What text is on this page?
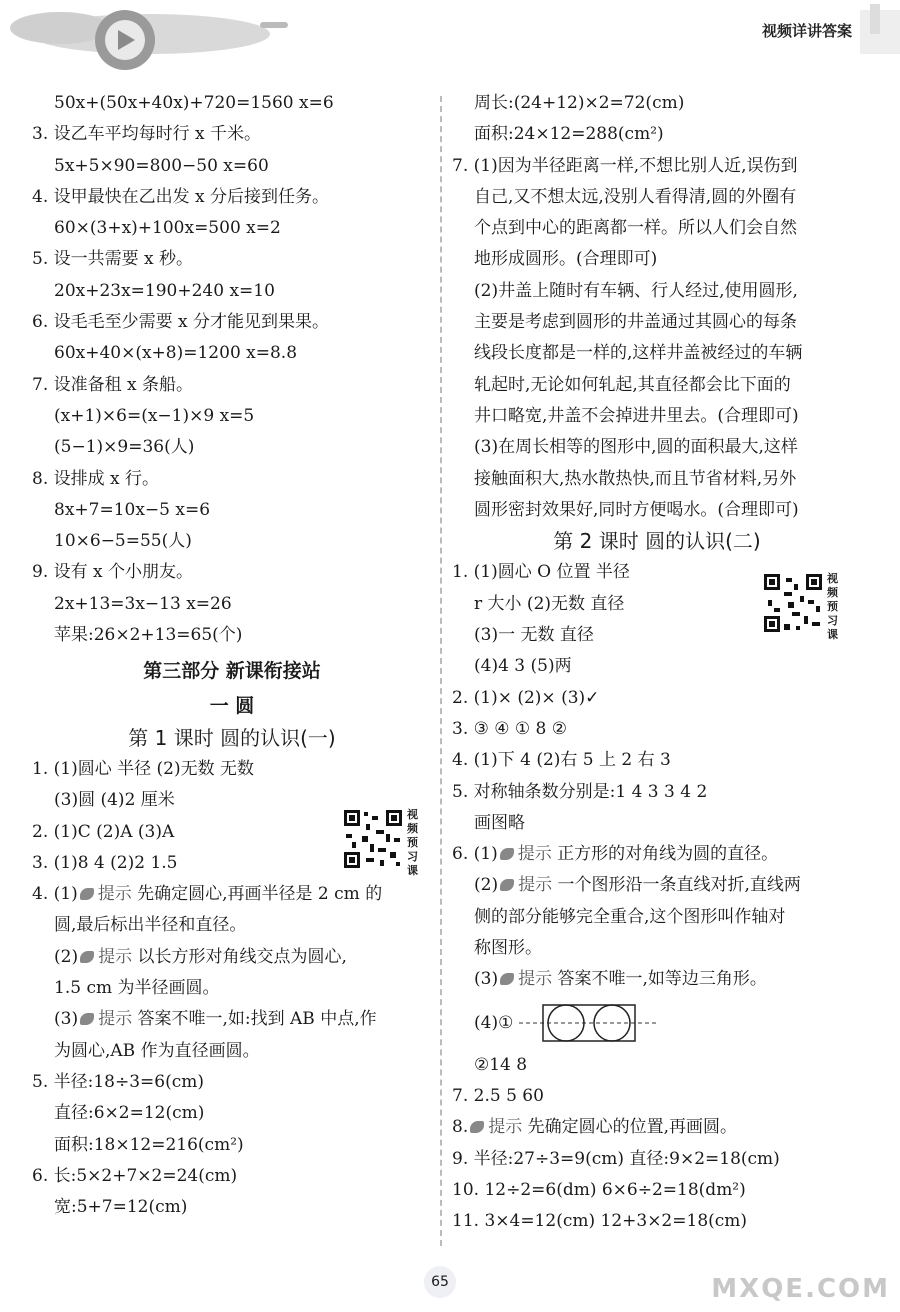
视频详讲答案
50x+(50x+40x)+720=1560 x=6
3. 设乙车平均每时行 x 千米。
5x+5×90=800−50 x=60
4. 设甲最快在乙出发 x 分后接到任务。
60×(3+x)+100x=500 x=2
5. 设一共需要 x 秒。
20x+23x=190+240 x=10
6. 设毛毛至少需要 x 分才能见到果果。
60x+40×(x+8)=1200 x=8.8
7. 设准备租 x 条船。
(x+1)×6=(x−1)×9 x=5
(5−1)×9=36(人)
8. 设排成 x 行。
8x+7=10x−5 x=6
10×6−5=55(人)
9. 设有 x 个小朋友。
2x+13=3x−13 x=26
苹果:26×2+13=65(个)
第三部分 新课衔接站
一 圆
第 1 课时 圆的认识(一)
1. (1)圆心 半径 (2)无数 无数
(3)圆 (4)2 厘米
2. (1)C (2)A (3)A
3. (1)8 4 (2)2 1.5
4. (1) 提示 先确定圆心,再画半径是 2 cm 的
圆,最后标出半径和直径。
(2) 提示 以长方形对角线交点为圆心,
1.5 cm 为半径画圆。
(3) 提示 答案不唯一,如:找到 AB 中点,作
为圆心,AB 作为直径画圆。
5. 半径:18÷3=6(cm)
直径:6×2=12(cm)
面积:18×12=216(cm²)
6. 长:5×2+7×2=24(cm)
宽:5+7=12(cm)
视频预习课
周长:(24+12)×2=72(cm)
面积:24×12=288(cm²)
7. (1)因为半径距离一样,不想比别人近,误伤到
自己,又不想太远,没别人看得清,圆的外圈有
个点到中心的距离都一样。所以人们会自然
地形成圆形。(合理即可)
(2)井盖上随时有车辆、行人经过,使用圆形,
主要是考虑到圆形的井盖通过其圆心的每条
线段长度都是一样的,这样井盖被经过的车辆
轧起时,无论如何轧起,其直径都会比下面的
井口略宽,井盖不会掉进井里去。(合理即可)
(3)在周长相等的图形中,圆的面积最大,这样
接触面积大,热水散热快,而且节省材料,另外
圆形密封效果好,同时方便喝水。(合理即可)
第 2 课时 圆的认识(二)
1. (1)圆心 O 位置 半径
r 大小 (2)无数 直径
(3)一 无数 直径
(4)4 3 (5)两
2. (1)× (2)× (3)✓
3. ③ ④ ① 8 ②
4. (1)下 4 (2)右 5 上 2 右 3
5. 对称轴条数分别是:1 4 3 3 4 2
画图略
6. (1) 提示 正方形的对角线为圆的直径。
(2) 提示 一个图形沿一条直线对折,直线两
侧的部分能够完全重合,这个图形叫作轴对
称图形。
(3) 提示 答案不唯一,如等边三角形。
(4)①
②14 8
7. 2.5 5 60
8. 提示 先确定圆心的位置,再画圆。
9. 半径:27÷3=9(cm) 直径:9×2=18(cm)
10. 12÷2=6(dm) 6×6÷2=18(dm²)
11. 3×4=12(cm) 12+3×2=18(cm)
视频预习课
65	MXQE.COM
